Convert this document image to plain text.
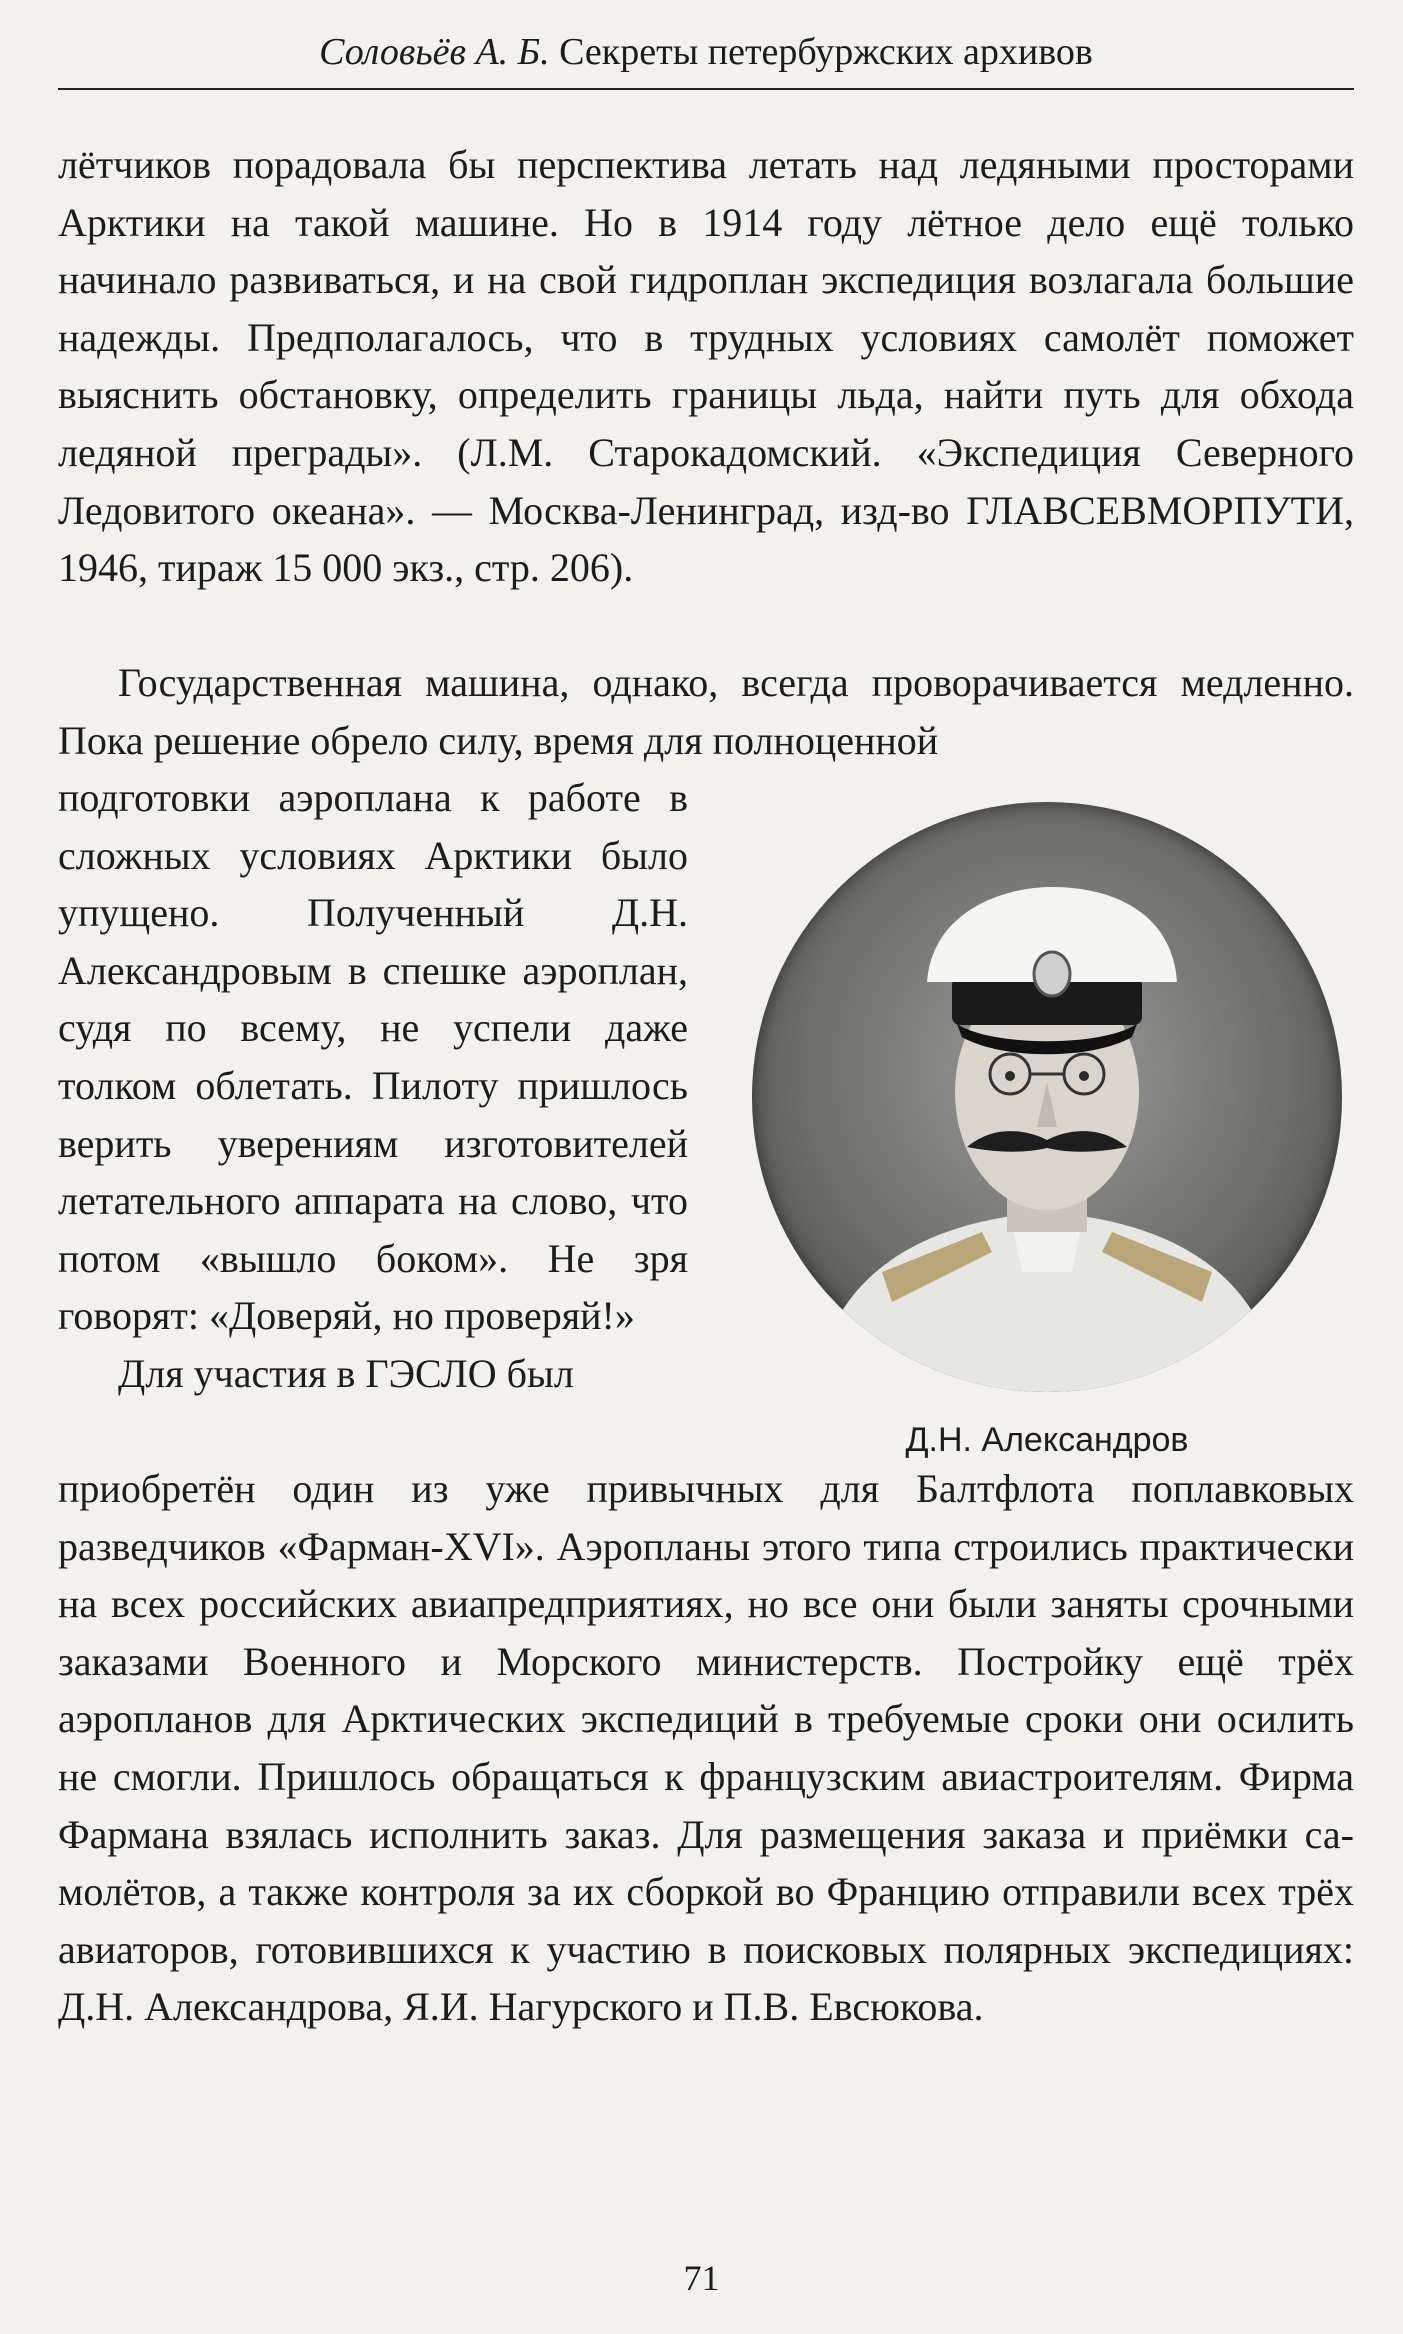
Соловьёв А. Б. Секреты петербуржских архивов

лётчиков порадовала бы перспектива летать над ледяными просторами Арктики на такой машине. Но в 1914 году лётное дело ещё только начинало развиваться, и на свой гидроплан экспедиция возлагала большие надежды. Предполагалось, что в трудных условиях самолёт поможет выяснить обстановку, определить границы льда, найти путь для обхода ледяной преграды». (Л.М. Старокадомский. «Экспедиция Северного Ледовитого океана». — Москва-Ленинград, изд-во ГЛАВСЕВМОРПУТИ, 1946, тираж 15 000 экз., стр. 206).

Государственная машина, однако, всегда проворачивается медленно. Пока решение обрело силу, время для полноценной

подготовки аэроплана к работе в сложных условиях Арктики было упущено. Полученный Д.Н. Александровым в спешке аэроплан, судя по всему, не успели даже толком облетать. Пилоту пришлось верить уверениям изготовителей летательного аппарата на слово, что потом «вышло боком». Не зря говорят: «Доверяй, но проверяй!»

Для участия в ГЭСЛО был

Д.Н. Александров

приобретён один из уже привычных для Балтфлота поплавковых разведчиков «Фарман-XVI». Аэропланы этого типа строились практически на всех российских авиапредприятиях, но все они были заняты срочными заказами Военного и Морского министерств. Постройку ещё трёх аэропланов для Арктических экспедиций в требуемые сроки они осилить не смогли. Пришлось обращаться к французским авиастроителям. Фирма Фармана взялась исполнить заказ. Для размещения заказа и приёмки самолётов, а также контроля за их сборкой во Францию отправили всех трёх авиаторов, готовившихся к участию в поисковых полярных экспедициях: Д.Н. Александрова, Я.И. Нагурского и П.В. Евсюкова.

71
